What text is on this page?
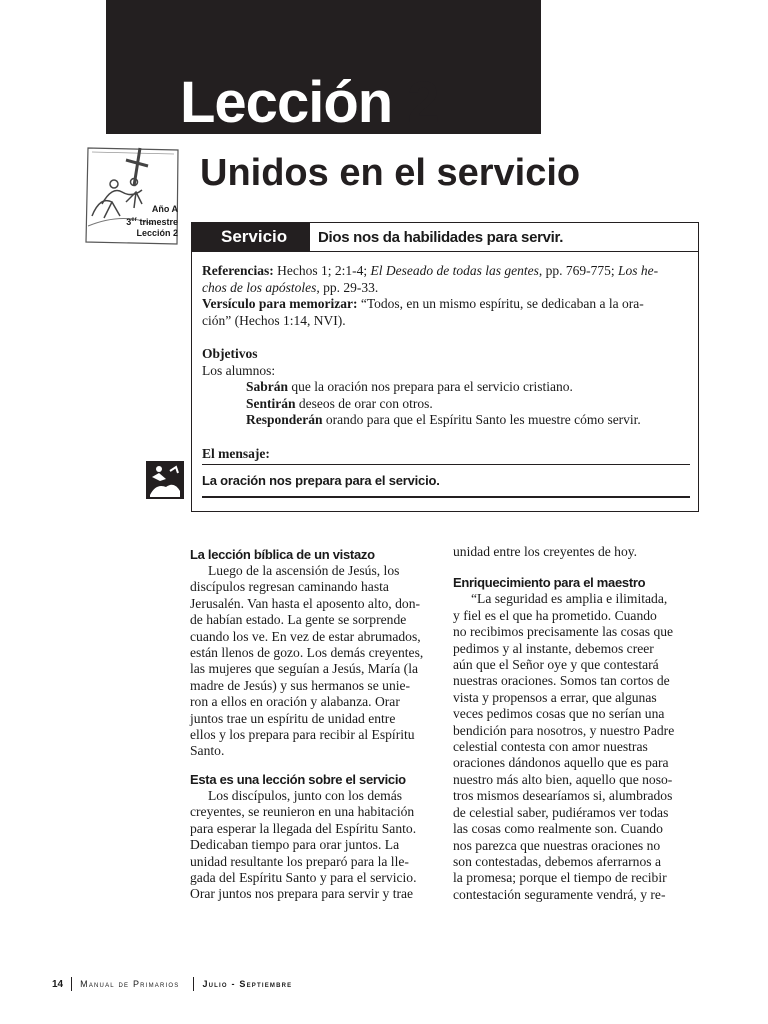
Lección 2
Unidos en el servicio
Año A
3er trimestre
Lección 2	Servicio	Dios nos da habilidades para servir.

Referencias: Hechos 1; 2:1-4; El Deseado de todas las gentes, pp. 769-775; Los he-

chos de los apóstoles, pp. 29-33.

Versículo para memorizar: “Todos, en un mismo espíritu, se dedicaban a la ora-

ción” (Hechos 1:14, NVI).

Objetivos

Los alumnos:

Sabrán que la oración nos prepara para el servicio cristiano.

Sentirán deseos de orar con otros.

Responderán orando para que el Espíritu Santo les muestre cómo servir.

El mensaje:

La oración nos prepara para el servicio.
La lección bíblica de un vistazo

Luego de la ascensión de Jesús, los

discípulos regresan caminando hasta

Jerusalén. Van hasta el aposento alto, don-

de habían estado. La gente se sorprende

cuando los ve. En vez de estar abrumados,

están llenos de gozo. Los demás creyentes,

las mujeres que seguían a Jesús, María (la

madre de Jesús) y sus hermanos se unie-

ron a ellos en oración y alabanza. Orar

juntos trae un espíritu de unidad entre

ellos y los prepara para recibir al Espíritu

Santo.

Esta es una lección sobre el servicio

Los discípulos, junto con los demás

creyentes, se reunieron en una habitación

para esperar la llegada del Espíritu Santo.

Dedicaban tiempo para orar juntos. La

unidad resultante los preparó para la lle-

gada del Espíritu Santo y para el servicio.

Orar juntos nos prepara para servir y trae

unidad entre los creyentes de hoy.

Enriquecimiento para el maestro

“La seguridad es amplia e ilimitada,

y fiel es el que ha prometido. Cuando

no recibimos precisamente las cosas que

pedimos y al instante, debemos creer

aún que el Señor oye y que contestará

nuestras oraciones. Somos tan cortos de

vista y propensos a errar, que algunas

veces pedimos cosas que no serían una

bendición para nosotros, y nuestro Padre

celestial contesta con amor nuestras

oraciones dándonos aquello que es para

nuestro más alto bien, aquello que noso-

tros mismos desearíamos si, alumbrados

de celestial saber, pudiéramos ver todas

las cosas como realmente son. Cuando

nos parezca que nuestras oraciones no

son contestadas, debemos aferrarnos a

la promesa; porque el tiempo de recibir

contestación seguramente vendrá, y re-

14 Manual de Primarios	Julio - Septiembre
